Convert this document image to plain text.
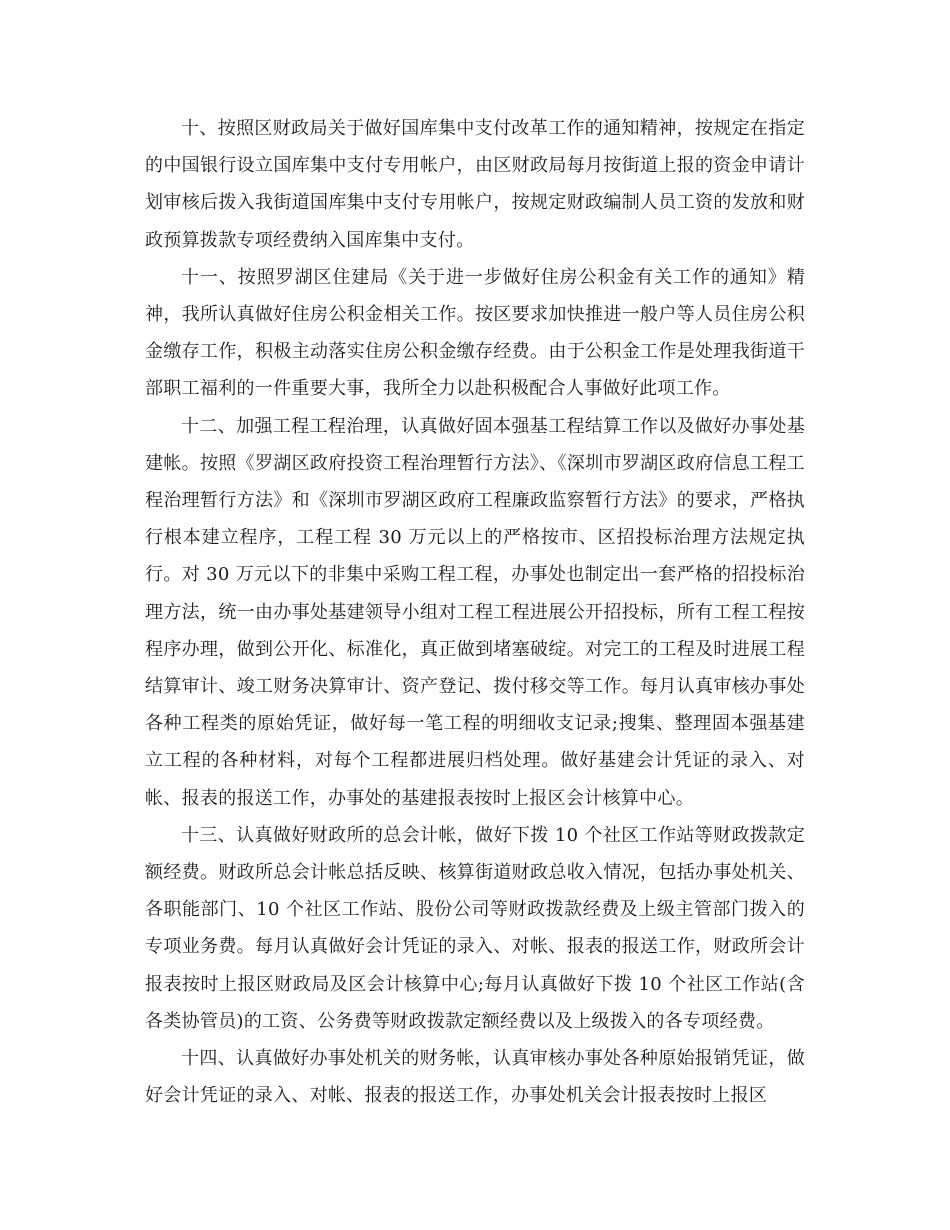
十、按照区财政局关于做好国库集中支付改革工作的通知精神，按规定在指定的中国银行设立国库集中支付专用帐户，由区财政局每月按街道上报的资金申请计划审核后拨入我街道国库集中支付专用帐户，按规定财政编制人员工资的发放和财政预算拨款专项经费纳入国库集中支付。

十一、按照罗湖区住建局《关于进一步做好住房公积金有关工作的通知》精神，我所认真做好住房公积金相关工作。按区要求加快推进一般户等人员住房公积金缴存工作，积极主动落实住房公积金缴存经费。由于公积金工作是处理我街道干部职工福利的一件重要大事，我所全力以赴积极配合人事做好此项工作。

十二、加强工程工程治理，认真做好固本强基工程结算工作以及做好办事处基建帐。按照《罗湖区政府投资工程治理暂行方法》、《深圳市罗湖区政府信息工程工程治理暂行方法》和《深圳市罗湖区政府工程廉政监察暂行方法》的要求，严格执行根本建立程序，工程工程 30 万元以上的严格按市、区招投标治理方法规定执行。对 30 万元以下的非集中采购工程工程，办事处也制定出一套严格的招投标治理方法，统一由办事处基建领导小组对工程工程进展公开招投标，所有工程工程按程序办理，做到公开化、标准化，真正做到堵塞破绽。对完工的工程及时进展工程结算审计、竣工财务决算审计、资产登记、拨付移交等工作。每月认真审核办事处各种工程类的原始凭证，做好每一笔工程的明细收支记录;搜集、整理固本强基建立工程的各种材料，对每个工程都进展归档处理。做好基建会计凭证的录入、对帐、报表的报送工作，办事处的基建报表按时上报区会计核算中心。

十三、认真做好财政所的总会计帐，做好下拨 10 个社区工作站等财政拨款定额经费。财政所总会计帐总括反映、核算街道财政总收入情况，包括办事处机关、各职能部门、10 个社区工作站、股份公司等财政拨款经费及上级主管部门拨入的专项业务费。每月认真做好会计凭证的录入、对帐、报表的报送工作，财政所会计报表按时上报区财政局及区会计核算中心;每月认真做好下拨 10 个社区工作站(含各类协管员)的工资、公务费等财政拨款定额经费以及上级拨入的各专项经费。

十四、认真做好办事处机关的财务帐，认真审核办事处各种原始报销凭证，做好会计凭证的录入、对帐、报表的报送工作，办事处机关会计报表按时上报区
